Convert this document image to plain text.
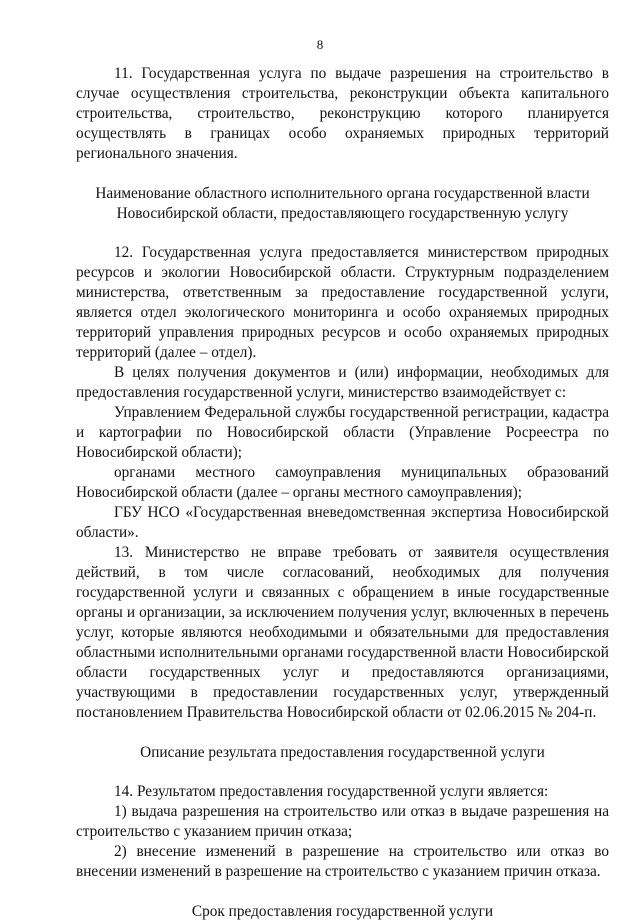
8

11. Государственная услуга по выдаче разрешения на строительство в случае осуществления строительства, реконструкции объекта капитального строительства, строительство, реконструкцию которого планируется осуществлять в границах особо охраняемых природных территорий регионального значения.

Наименование областного исполнительного органа государственной власти Новосибирской области, предоставляющего государственную услугу

12. Государственная услуга предоставляется министерством природных ресурсов и экологии Новосибирской области. Структурным подразделением министерства, ответственным за предоставление государственной услуги, является отдел экологического мониторинга и особо охраняемых природных территорий управления природных ресурсов и особо охраняемых природных территорий (далее – отдел).

В целях получения документов и (или) информации, необходимых для предоставления государственной услуги, министерство взаимодействует с:

Управлением Федеральной службы государственной регистрации, кадастра и картографии по Новосибирской области (Управление Росреестра по Новосибирской области);

органами местного самоуправления муниципальных образований Новосибирской области (далее – органы местного самоуправления);

ГБУ НСО «Государственная вневедомственная экспертиза Новосибирской области».

13. Министерство не вправе требовать от заявителя осуществления действий, в том числе согласований, необходимых для получения государственной услуги и связанных с обращением в иные государственные органы и организации, за исключением получения услуг, включенных в перечень услуг, которые являются необходимыми и обязательными для предоставления областными исполнительными органами государственной власти Новосибирской области государственных услуг и предоставляются организациями, участвующими в предоставлении государственных услуг, утвержденный постановлением Правительства Новосибирской области от 02.06.2015 № 204-п.

Описание результата предоставления государственной услуги

14. Результатом предоставления государственной услуги является:

1) выдача разрешения на строительство или отказ в выдаче разрешения на строительство с указанием причин отказа;

2) внесение изменений в разрешение на строительство или отказ во внесении изменений в разрешение на строительство с указанием причин отказа.

Срок предоставления государственной услуги
